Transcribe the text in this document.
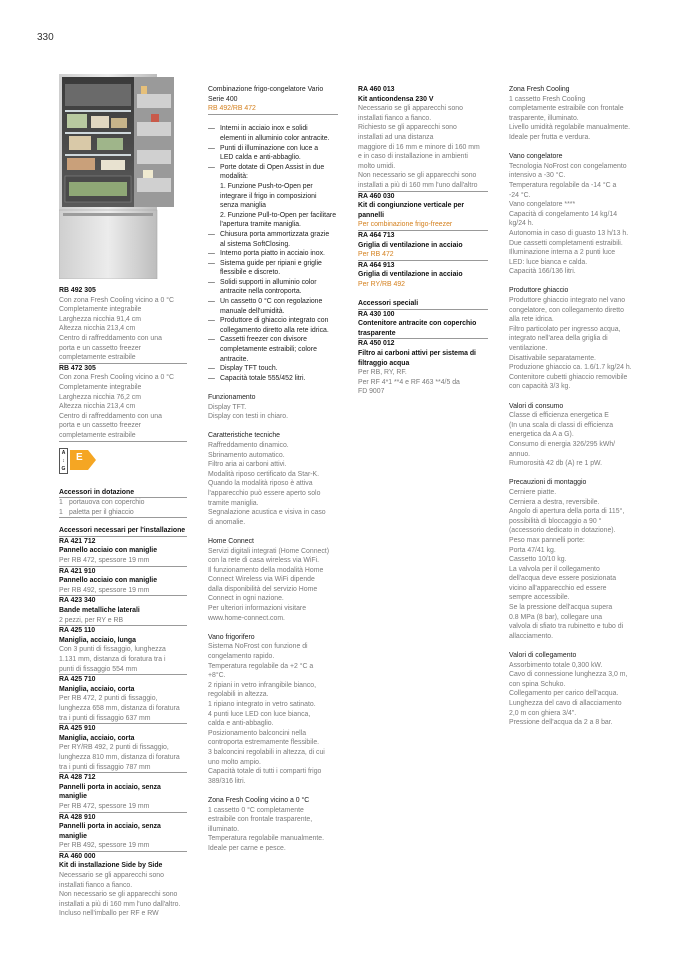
330
RB 492 305
Con zona Fresh Cooling vicino a 0 °C
Completamente integrabile
Larghezza nicchia 91,4 cm
Altezza nicchia 213,4 cm
Centro di raffreddamento con una
porta e un cassetto freezer
completamente estraibile
RB 472 305
Con zona Fresh Cooling vicino a 0 °C
Completamente integrabile
Larghezza nicchia 76,2 cm
Altezza nicchia 213,4 cm
Centro di raffreddamento con una
porta e un cassetto freezer
completamente estraibile
A
↕
G
E
Accessori in dotazione
1 portauova con coperchio
1 paletta per il ghiaccio
Accessori necessari per l'installazione
RA 421 712
Pannello acciaio con maniglie
Per RB 472, spessore 19 mm
RA 421 910
Pannello acciaio con maniglie
Per RB 492, spessore 19 mm
RA 423 340
Bande metalliche laterali
2 pezzi, per RY e RB
RA 425 110
Maniglia, acciaio, lunga
Con 3 punti di fissaggio, lunghezza
1.131 mm, distanza di foratura tra i
punti di fissaggio 554 mm
RA 425 710
Maniglia, acciaio, corta
Per RB 472, 2 punti di fissaggio,
lunghezza 658 mm, distanza di foratura
tra i punti di fissaggio 637 mm
RA 425 910
Maniglia, acciaio, corta
Per RY/RB 492, 2 punti di fissaggio,
lunghezza 810 mm, distanza di foratura
tra i punti di fissaggio 787 mm
RA 428 712
Pannelli porta in acciaio, senza maniglie
Per RB 472, spessore 19 mm
RA 428 910
Pannelli porta in acciaio, senza maniglie
Per RB 492, spessore 19 mm
RA 460 000
Kit di installazione Side by Side
Necessario se gli apparecchi sono
installati fianco a fianco.
Non necessario se gli apparecchi sono
installati a più di 160 mm l'uno dall'altro.
Incluso nell'imballo per RF e RW
Combinazione frigo-congelatore Vario
Serie 400
RB 492/RB 472
— Interni in acciaio inox e solidi
elementi in alluminio color antracite.
— Punti di illuminazione con luce a
LED calda e anti-abbaglio.
— Porte dotate di Open Assist in due
modalità:
1. Funzione Push-to-Open per
integrare il frigo in composizioni
senza maniglia
2. Funzione Pull-to-Open per facilitare
l'apertura tramite maniglia.
— Chiusura porta ammortizzata grazie
al sistema SoftClosing.
— Interno porta piatto in acciaio inox.
— Sistema guide per ripiani e griglie
flessibile e discreto.
— Solidi supporti in alluminio color
antracite nella controporta.
— Un cassetto 0 °C con regolazione
manuale dell'umidità.
— Produttore di ghiaccio integrato con
collegamento diretto alla rete idrica.
— Cassetti freezer con divisore
completamente estraibili; colore
antracite.
— Display TFT touch.
— Capacità totale 555/452 litri.
Funzionamento
Display TFT.
Display con testi in chiaro.
Caratteristiche tecniche
Raffreddamento dinamico.
Sbrinamento automatico.
Filtro aria ai carboni attivi.
Modalità riposo certificato da Star-K.
Quando la modalità riposo è attiva
l'apparecchio può essere aperto solo
tramite maniglia.
Segnalazione acustica e visiva in caso
di anomalie.
Home Connect
Servizi digitali integrati (Home Connect)
con la rete di casa wireless via WiFi.
Il funzionamento della modalità Home
Connect Wireless via WiFi dipende
dalla disponibilità del servizio Home
Connect in ogni nazione.
Per ulteriori informazioni visitare
www.home-connect.com.
Vano frigorifero
Sistema NoFrost con funzione di
congelamento rapido.
Temperatura regolabile da +2 °C a
+8°C.
2 ripiani in vetro infrangibile bianco,
regolabili in altezza.
1 ripiano integrato in vetro satinato.
4 punti luce LED con luce bianca,
calda e anti-abbaglio.
Posizionamento balconcini nella
controporta estremamente flessibile.
3 balconcini regolabili in altezza, di cui
uno molto ampio.
Capacità totale di tutti i comparti frigo
389/316 litri.
Zona Fresh Cooling vicino a 0 °C
1 cassetto 0 °C completamente
estraibile con frontale trasparente,
illuminato.
Temperatura regolabile manualmente.
Ideale per carne e pesce.
RA 460 013
Kit anticondensa 230 V
Necessario se gli apparecchi sono
installati fianco a fianco.
Richiesto se gli apparecchi sono
installati ad una distanza
maggiore di 16 mm e minore di 160 mm
e in caso di installazione in ambienti
molto umidi.
Non necessario se gli apparecchi sono
installati a più di 160 mm l'uno dall'altro
RA 460 030
Kit di congiunzione verticale per
pannelli
Per combinazione frigo-freezer
RA 464 713
Griglia di ventilazione in acciaio
Per RB 472
RA 464 913
Griglia di ventilazione in acciaio
Per RY/RB 492
Accessori speciali
RA 430 100
Contenitore antracite con coperchio
trasparente
RA 450 012
Filtro ai carboni attivi per sistema di
filtraggio acqua
Per RB, RY, RF.
Per RF 4*1 **4 e RF 463 **4/5 da
FD 9007
Zona Fresh Cooling
1 cassetto Fresh Cooling
completamente estraibile con frontale
trasparente, illuminato.
Livello umidità regolabile manualmente.
Ideale per frutta e verdura.
Vano congelatore
Tecnologia NoFrost con congelamento
intensivo a -30 °C.
Temperatura regolabile da -14 °C a
-24 °C.
Vano congelatore ****
Capacità di congelamento 14 kg/14
kg/24 h.
Autonomia in caso di guasto 13 h/13 h.
Due cassetti completamenti estraibili.
Illuminazione interna a 2 punti luce
LED: luce bianca e calda.
Capacità 166/136 litri.
Produttore ghiaccio
Produttore ghiaccio integrato nel vano
congelatore, con collegamento diretto
alla rete idrica.
Filtro particolato per ingresso acqua,
integrato nell'area della griglia di
ventilazione.
Disattivabile separatamente.
Produzione ghiaccio ca. 1.6/1.7 kg/24 h.
Contenitore cubetti ghiaccio removibile
con capacità 3/3 kg.
Valori di consumo
Classe di efficienza energetica E
(In una scala di classi di efficienza
energetica da A a G).
Consumo di energia 326/295 kWh/
annuo.
Rumorosità 42 db (A) re 1 pW.
Precauzioni di montaggio
Cerniere piatte.
Cerniera a destra, reversibile.
Angolo di apertura della porta di 115°,
possibilità di bloccaggio a 90 °
(accessorio dedicato in dotazione).
Peso max pannelli porte:
Porta 47/41 kg.
Cassetto 10/10 kg.
La valvola per il collegamento
dell'acqua deve essere posizionata
vicino all'apparecchio ed essere
sempre accessibile.
Se la pressione dell'acqua supera
0.8 MPa (8 bar), collegare una
valvola di sfiato tra rubinetto e tubo di
allacciamento.
Valori di collegamento
Assorbimento totale 0,300 kW.
Cavo di connessione lunghezza 3,0 m,
con spina Schuko.
Collegamento per carico dell'acqua.
Lunghezza del cavo di allacciamento
2,0 m con ghiera 3/4".
Pressione dell'acqua da 2 a 8 bar.
